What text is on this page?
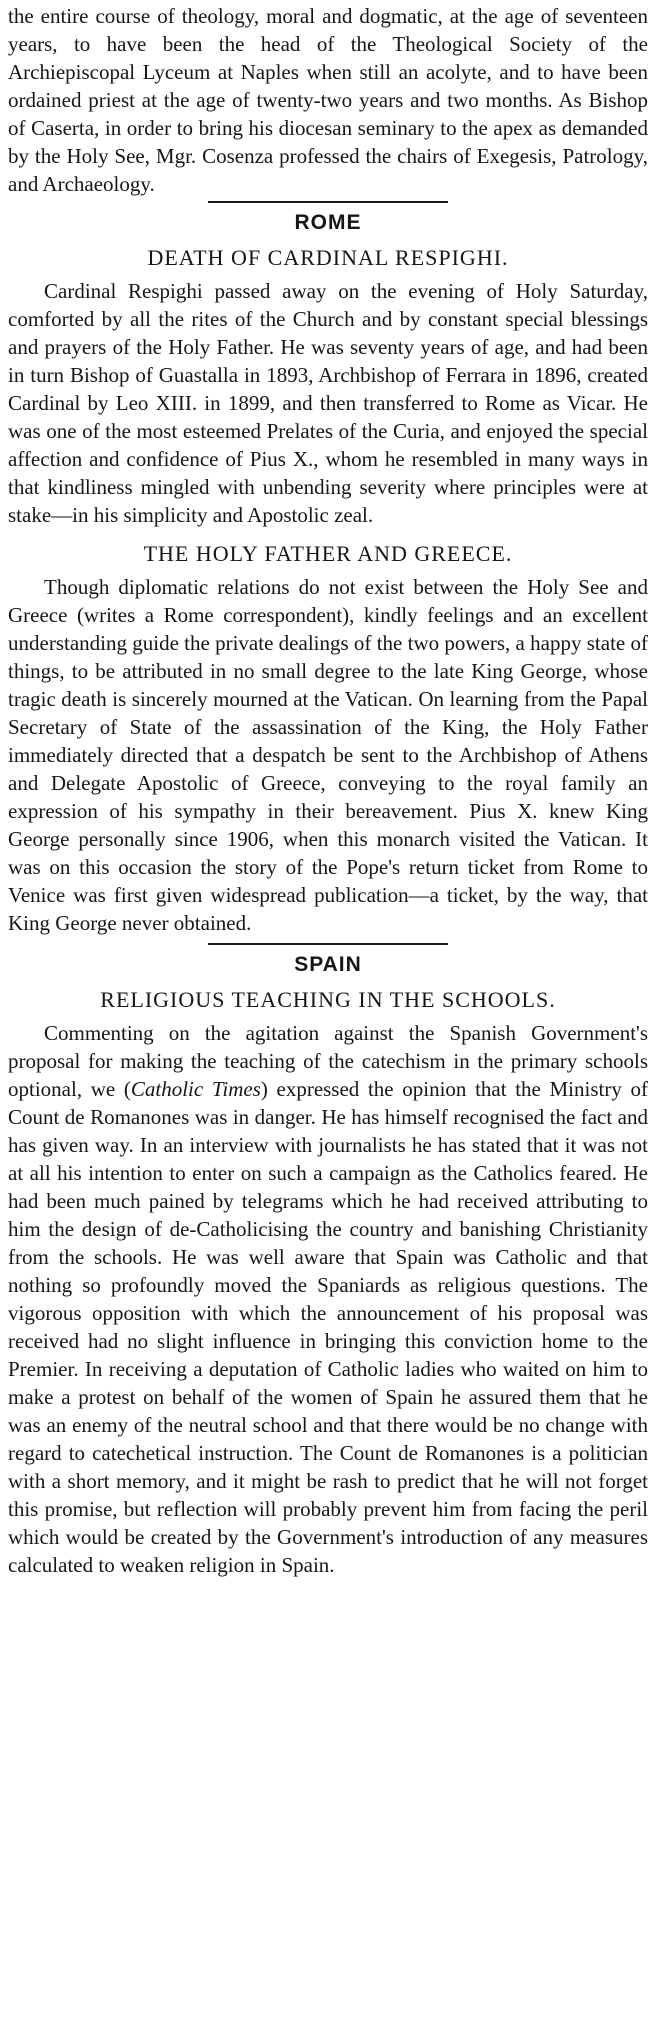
the entire course of theology, moral and dogmatic, at the age of seventeen years, to have been the head of the Theological Society of the Archiepiscopal Lyceum at Naples when still an acolyte, and to have been ordained priest at the age of twenty-two years and two months. As Bishop of Caserta, in order to bring his diocesan seminary to the apex as demanded by the Holy See, Mgr. Cosenza professed the chairs of Exegesis, Patrology, and Archaeology.

ROME
DEATH OF CARDINAL RESPIGHI.

Cardinal Respighi passed away on the evening of Holy Saturday, comforted by all the rites of the Church and by constant special blessings and prayers of the Holy Father. He was seventy years of age, and had been in turn Bishop of Guastalla in 1893, Archbishop of Ferrara in 1896, created Cardinal by Leo XIII. in 1899, and then transferred to Rome as Vicar. He was one of the most esteemed Prelates of the Curia, and enjoyed the special affection and confidence of Pius X., whom he resembled in many ways in that kindliness mingled with unbending severity where principles were at stake—in his simplicity and Apostolic zeal.

THE HOLY FATHER AND GREECE.

Though diplomatic relations do not exist between the Holy See and Greece (writes a Rome correspondent), kindly feelings and an excellent understanding guide the private dealings of the two powers, a happy state of things, to be attributed in no small degree to the late King George, whose tragic death is sincerely mourned at the Vatican. On learning from the Papal Secretary of State of the assassination of the King, the Holy Father immediately directed that a despatch be sent to the Archbishop of Athens and Delegate Apostolic of Greece, conveying to the royal family an expression of his sympathy in their bereavement. Pius X. knew King George personally since 1906, when this monarch visited the Vatican. It was on this occasion the story of the Pope's return ticket from Rome to Venice was first given widespread publication—a ticket, by the way, that King George never obtained.

SPAIN
RELIGIOUS TEACHING IN THE SCHOOLS.

Commenting on the agitation against the Spanish Government's proposal for making the teaching of the catechism in the primary schools optional, we (Catholic Times) expressed the opinion that the Ministry of Count de Romanones was in danger. He has himself recognised the fact and has given way. In an interview with journalists he has stated that it was not at all his intention to enter on such a campaign as the Catholics feared. He had been much pained by telegrams which he had received attributing to him the design of de-Catholicising the country and banishing Christianity from the schools. He was well aware that Spain was Catholic and that nothing so profoundly moved the Spaniards as religious questions. The vigorous opposition with which the announcement of his proposal was received had no slight influence in bringing this conviction home to the Premier. In receiving a deputation of Catholic ladies who waited on him to make a protest on behalf of the women of Spain he assured them that he was an enemy of the neutral school and that there would be no change with regard to catechetical instruction. The Count de Romanones is a politician with a short memory, and it might be rash to predict that he will not forget this promise, but reflection will probably prevent him from facing the peril which would be created by the Government's introduction of any measures calculated to weaken religion in Spain.
